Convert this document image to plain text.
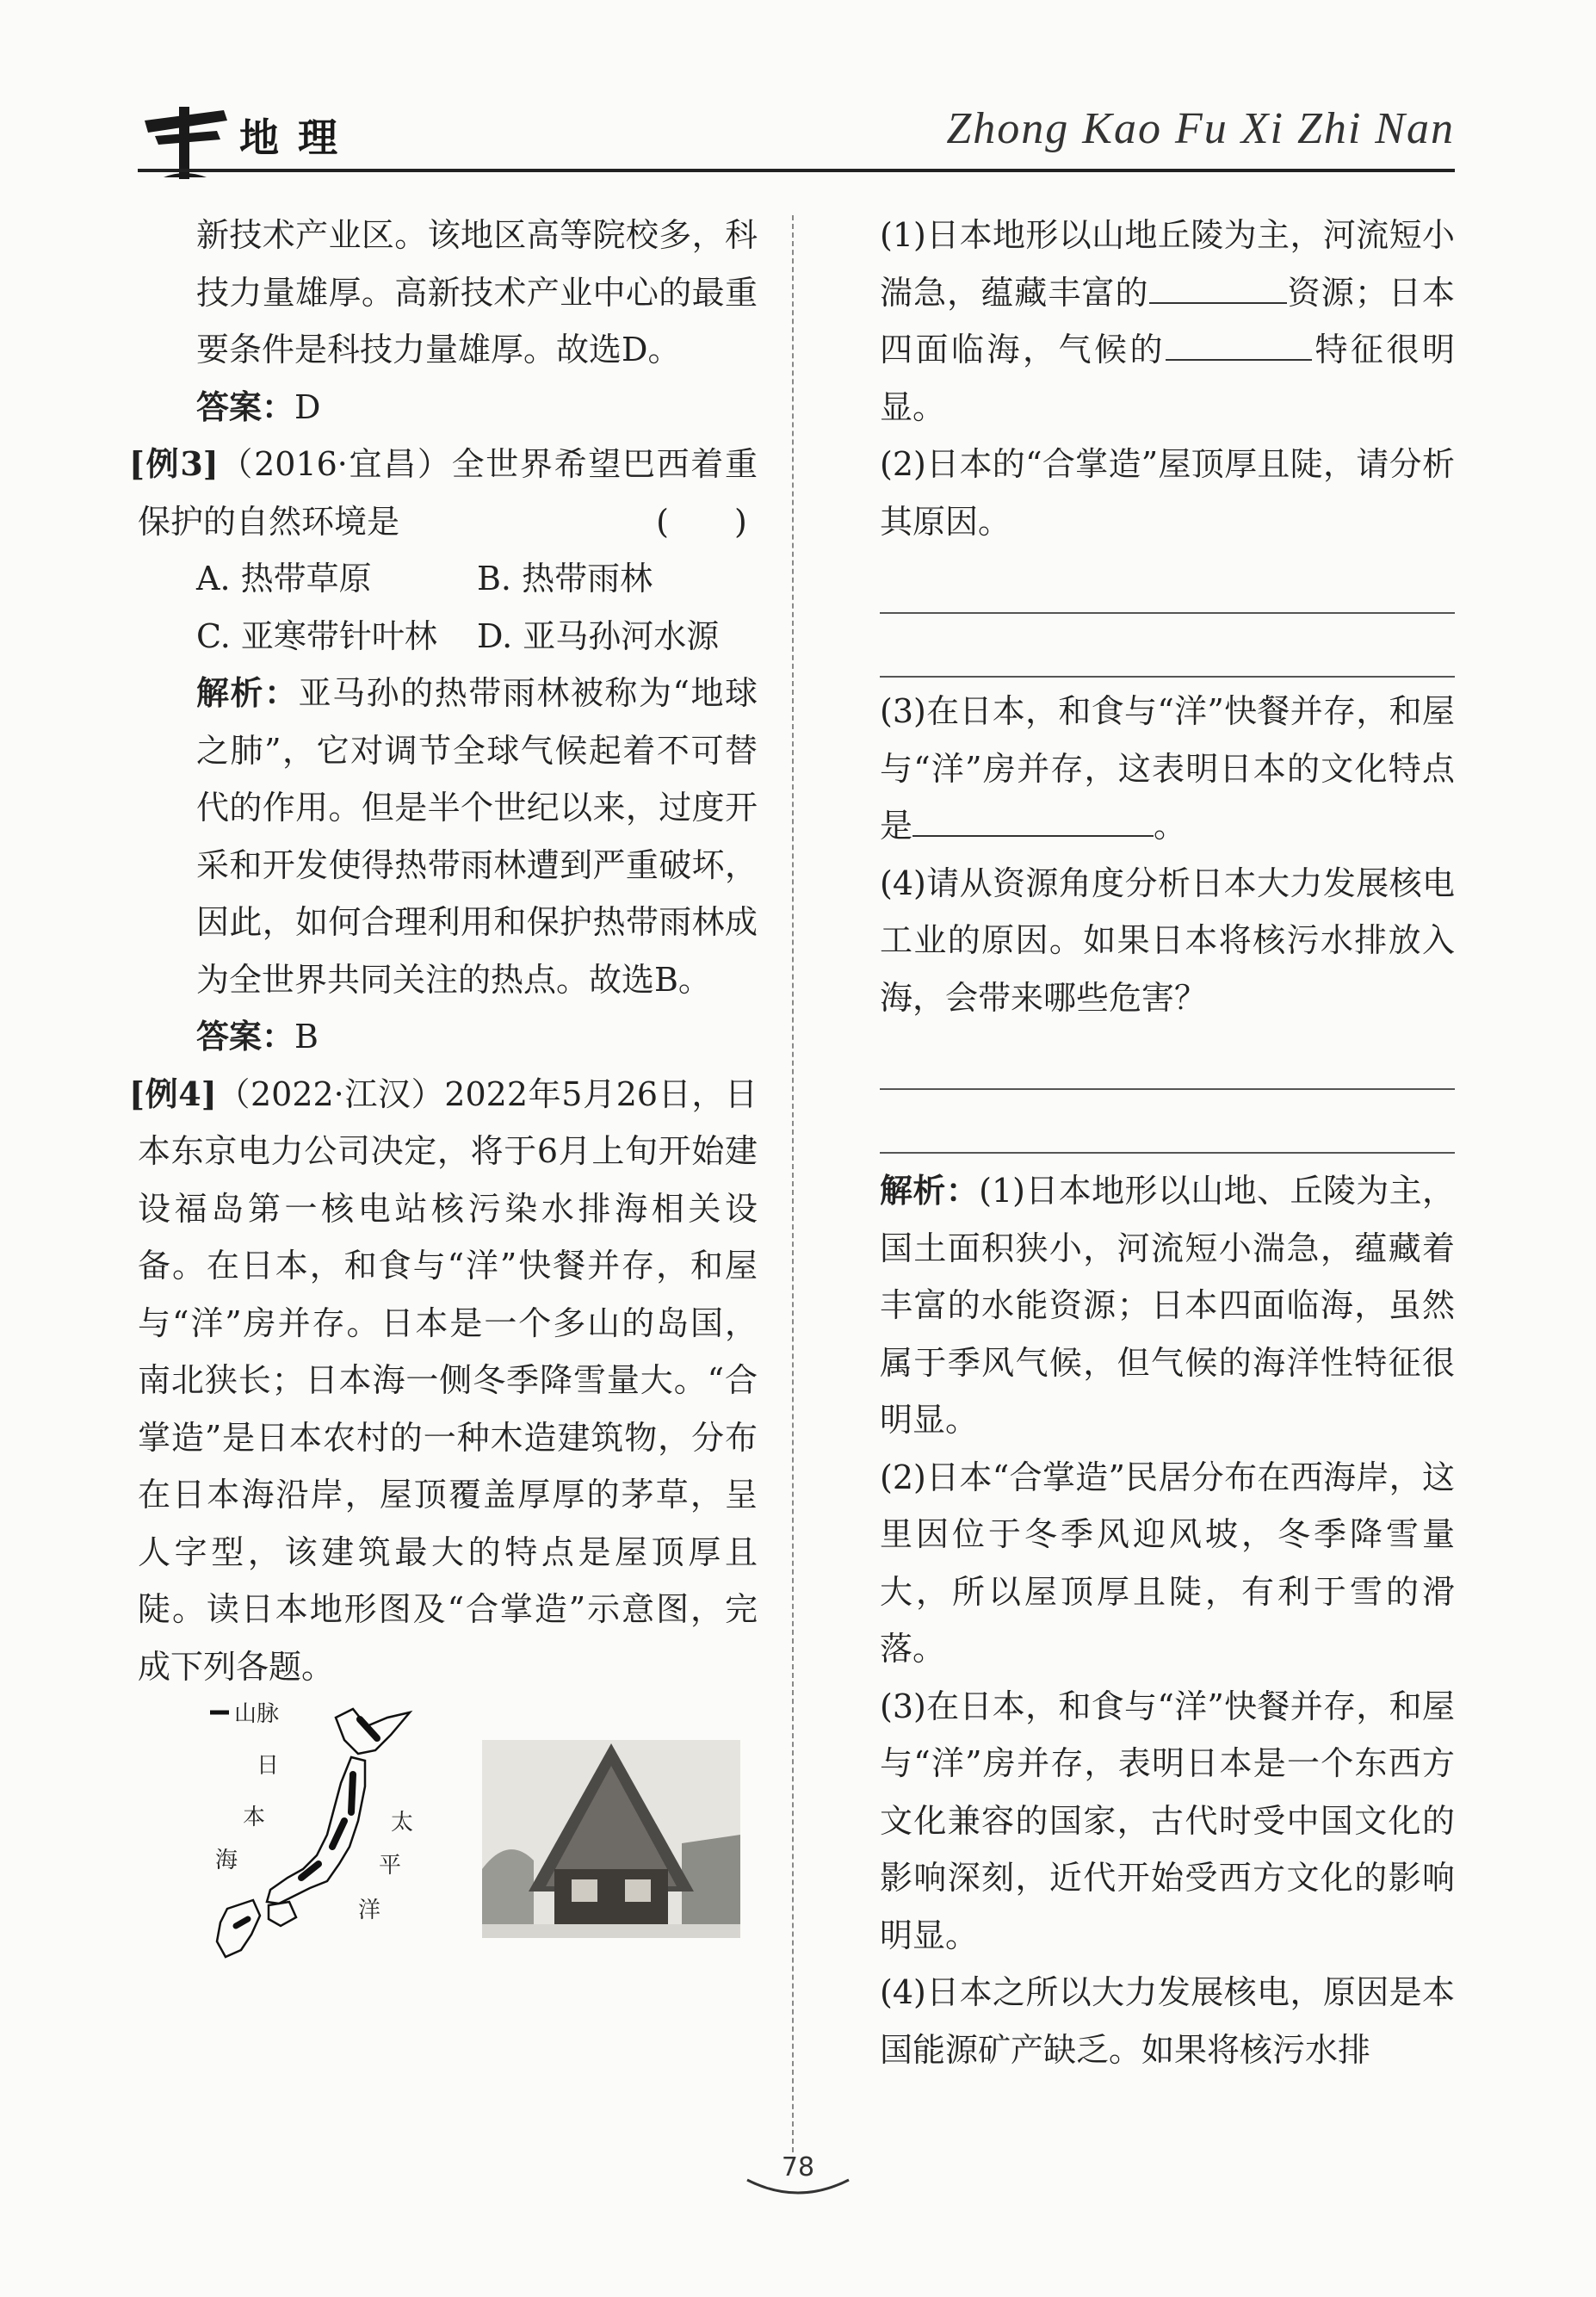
地理	Zhong Kao Fu Xi Zhi Nan

新技术产业区。该地区高等院校多，科技力量雄厚。高新技术产业中心的最重要条件是科技力量雄厚。故选D。

答案：D

[例3]（2016·宜昌）全世界希望巴西着重保护的自然环境是	(　　)

A. 热带草原	B. 热带雨林
C. 亚寒带针叶林	D. 亚马孙河水源

解析：亚马孙的热带雨林被称为“地球之肺”，它对调节全球气候起着不可替代的作用。但是半个世纪以来，过度开采和开发使得热带雨林遭到严重破坏，因此，如何合理利用和保护热带雨林成为全世界共同关注的热点。故选B。

答案：B

[例4]（2022·江汉）2022年5月26日，日本东京电力公司决定，将于6月上旬开始建设福岛第一核电站核污染水排海相关设备。在日本，和食与“洋”快餐并存，和屋与“洋”房并存。日本是一个多山的岛国，南北狭长；日本海一侧冬季降雪量大。“合掌造”是日本农村的一种木造建筑物，分布在日本海沿岸，屋顶覆盖厚厚的茅草，呈人字型，该建筑最大的特点是屋顶厚且陡。读日本地形图及“合掌造”示意图，完成下列各题。

山脉
日
本
海
太
平
洋

(1)日本地形以山地丘陵为主，河流短小湍急，蕴藏丰富的	资源；日本四面临海，气候的	特征很明显。

(2)日本的“合掌造”屋顶厚且陡，请分析其原因。

(3)在日本，和食与“洋”快餐并存，和屋与“洋”房并存，这表明日本的文化特点是	。

(4)请从资源角度分析日本大力发展核电工业的原因。如果日本将核污水排放入海，会带来哪些危害？

解析：(1)日本地形以山地、丘陵为主，国土面积狭小，河流短小湍急，蕴藏着丰富的水能资源；日本四面临海，虽然属于季风气候，但气候的海洋性特征很明显。

(2)日本“合掌造”民居分布在西海岸，这里因位于冬季风迎风坡，冬季降雪量大，所以屋顶厚且陡，有利于雪的滑落。

(3)在日本，和食与“洋”快餐并存，和屋与“洋”房并存，表明日本是一个东西方文化兼容的国家，古代时受中国文化的影响深刻，近代开始受西方文化的影响明显。

(4)日本之所以大力发展核电，原因是本国能源矿产缺乏。如果将核污水排

78
